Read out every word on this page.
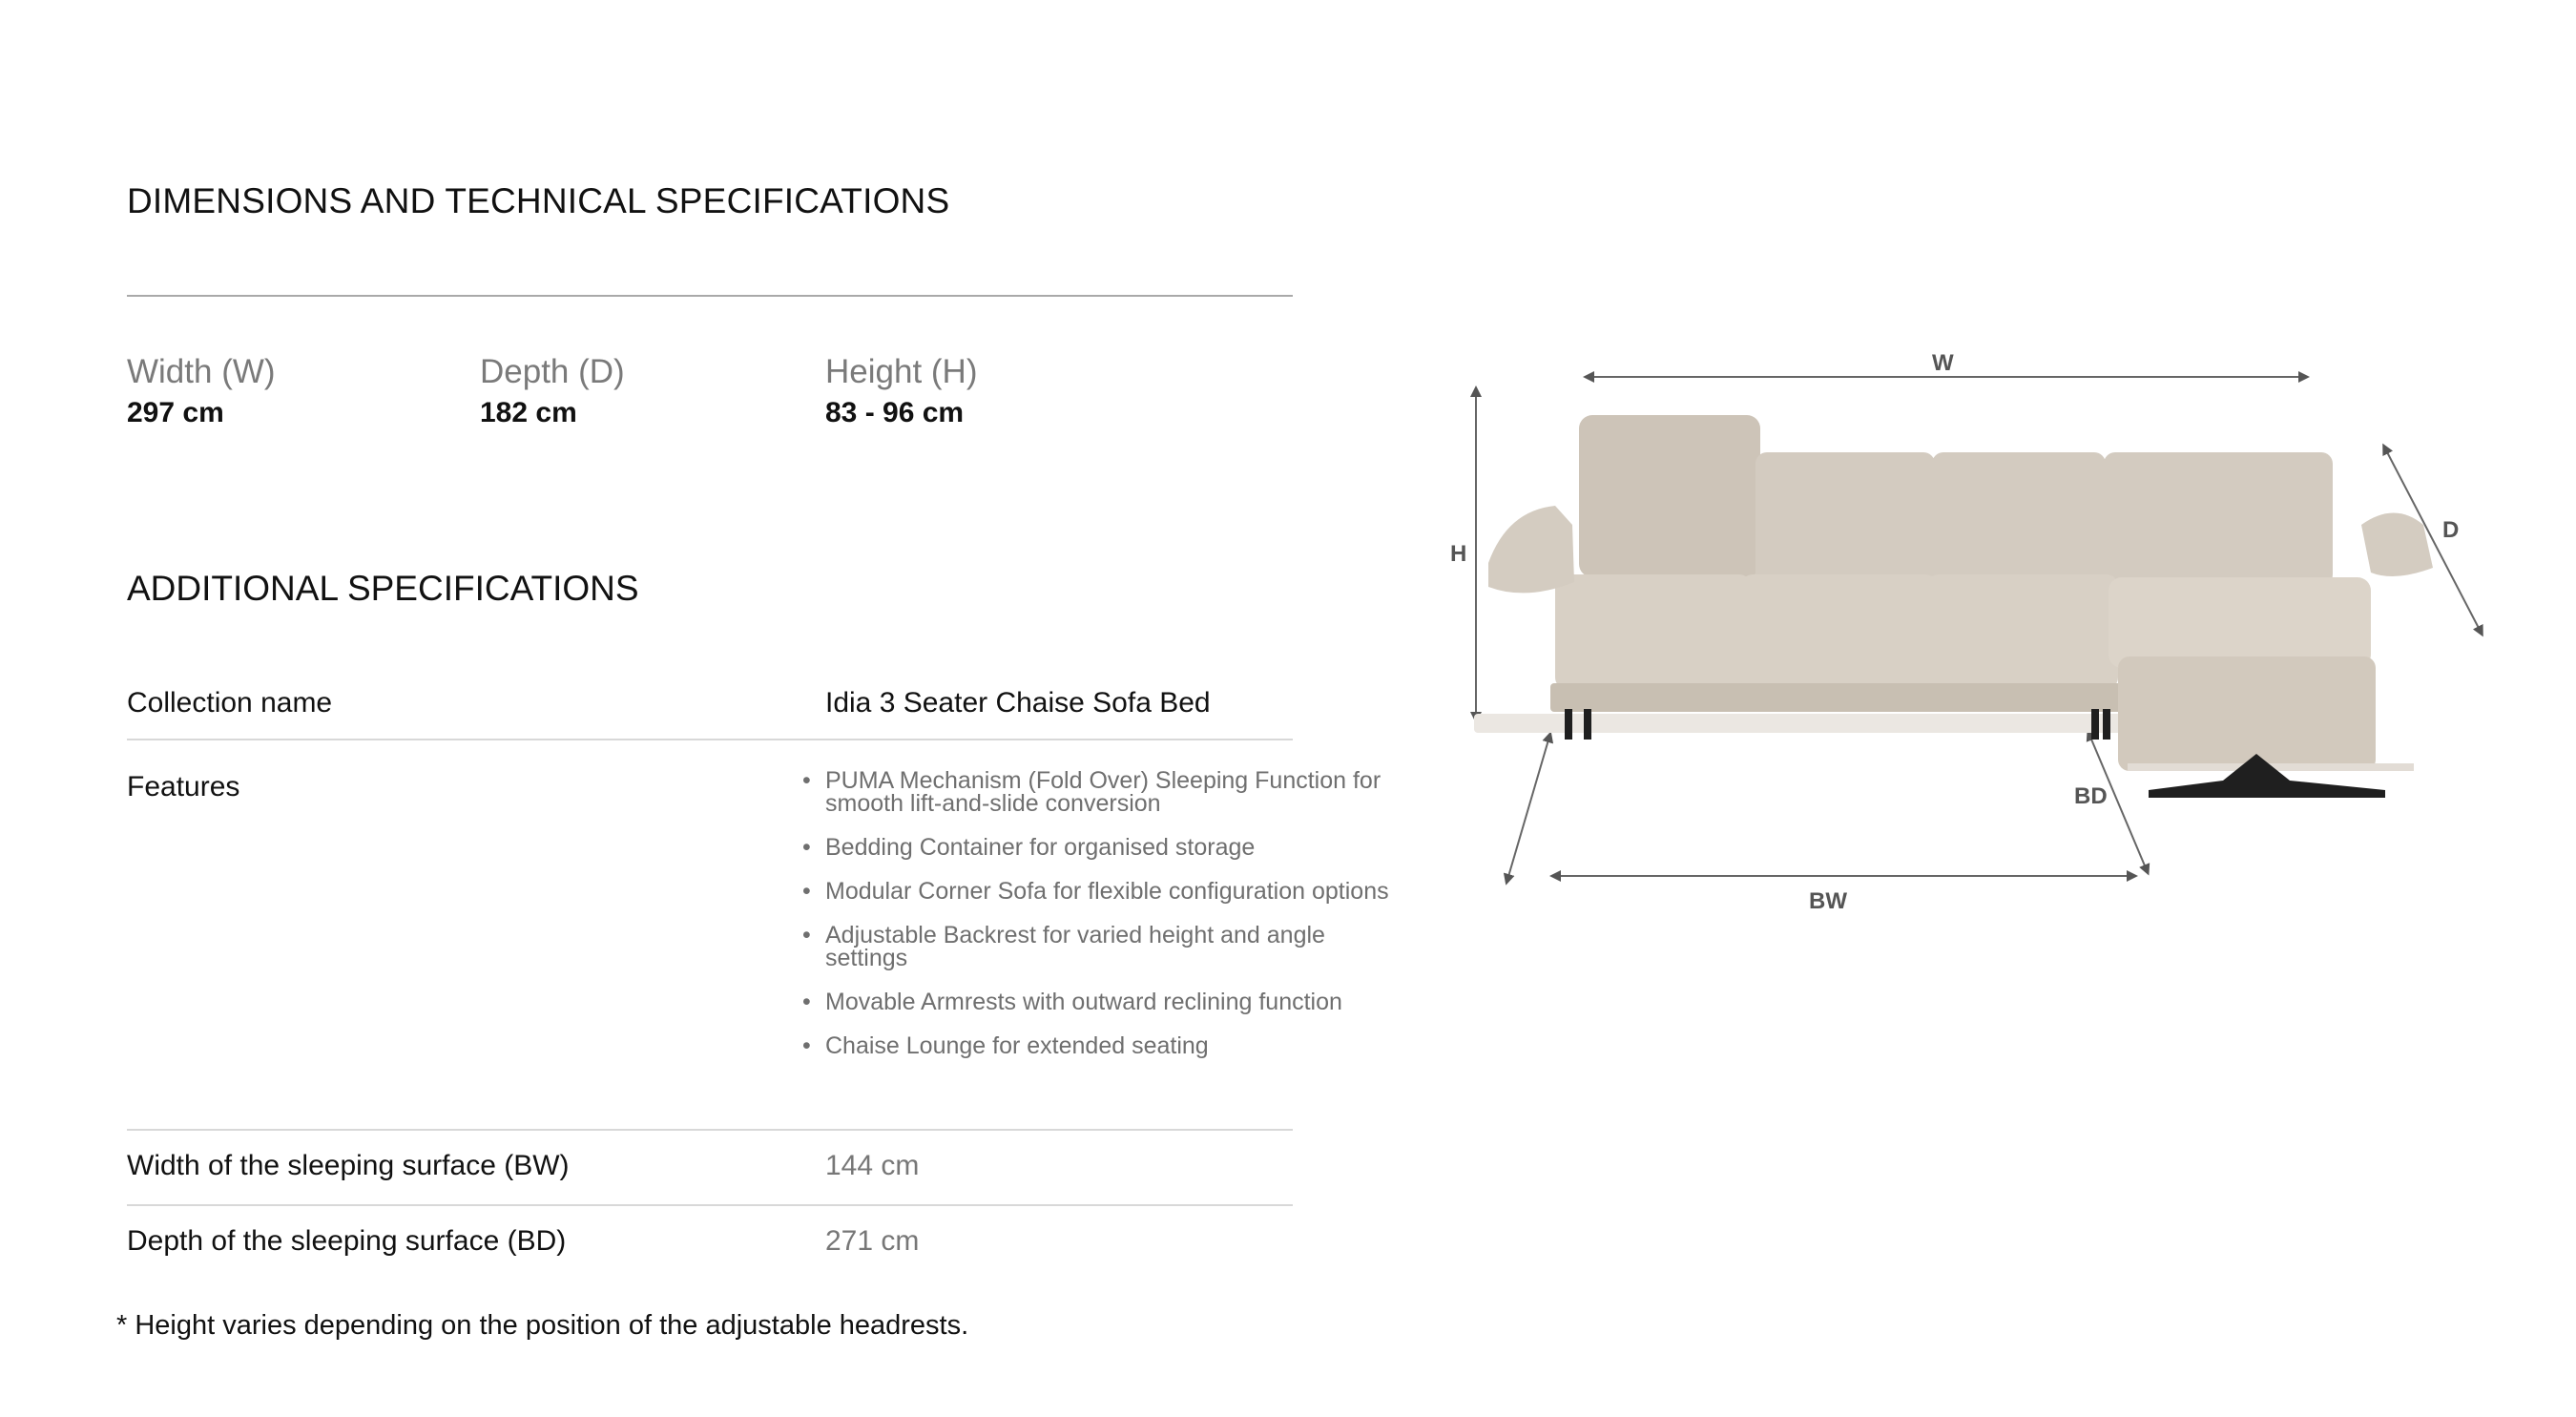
DIMENSIONS AND TECHNICAL SPECIFICATIONS
Width (W)
297 cm
Depth (D)
182 cm
Height (H)
83 - 96 cm
ADDITIONAL SPECIFICATIONS
Collection name	Idia 3 Seater Chaise Sofa Bed
Features
•	PUMA Mechanism (Fold Over) Sleeping Function for smooth lift-and-slide conversion
• Bedding Container for organised storage
• Modular Corner Sofa for flexible configuration options
• Adjustable Backrest for varied height and angle settings
• Movable Armrests with outward reclining function
• Chaise Lounge for extended seating
Width of the sleeping surface (BW)	144 cm
Depth of the sleeping surface (BD)	271 cm
* Height varies depending on the position of the adjustable headrests.
W
H
D
BD
BW
